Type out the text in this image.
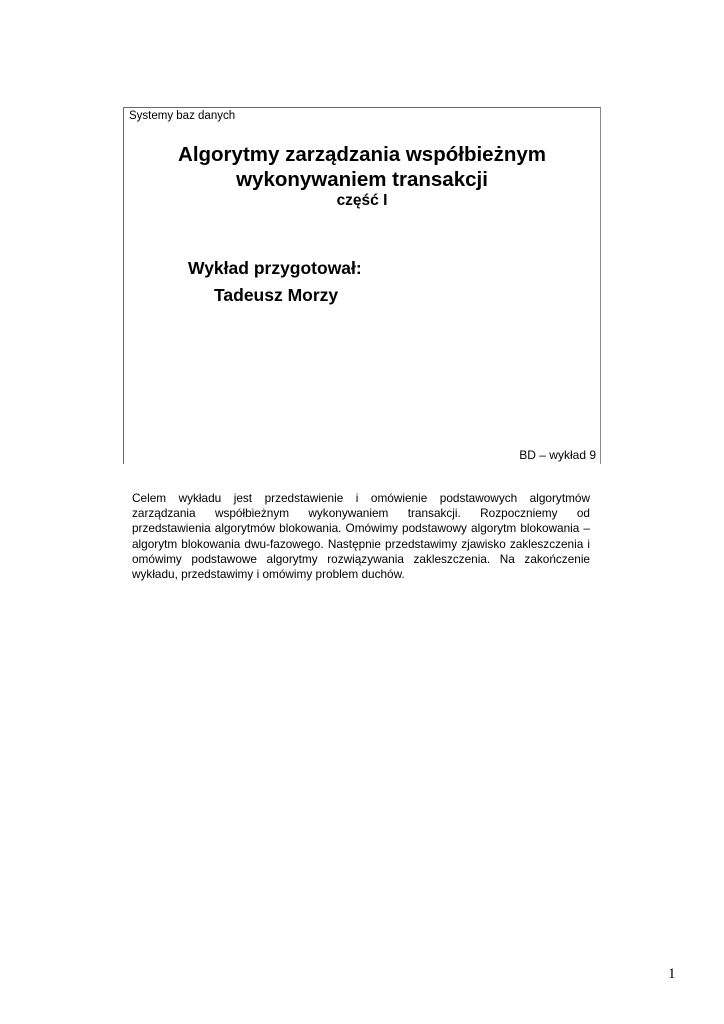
Systemy baz danych
Algorytmy zarządzania współbieżnym
wykonywaniem transakcji
część I
Wykład przygotował:
Tadeusz Morzy
BD – wykład 9
Celem wykładu jest przedstawienie i omówienie podstawowych algorytmów zarządzania współbieżnym wykonywaniem transakcji. Rozpoczniemy od przedstawienia algorytmów blokowania. Omówimy podstawowy algorytm blokowania – algorytm blokowania dwu-fazowego. Następnie przedstawimy zjawisko zakleszczenia i omówimy podstawowe algorytmy rozwiązywania zakleszczenia. Na zakończenie wykładu, przedstawimy i omówimy problem duchów.
1
